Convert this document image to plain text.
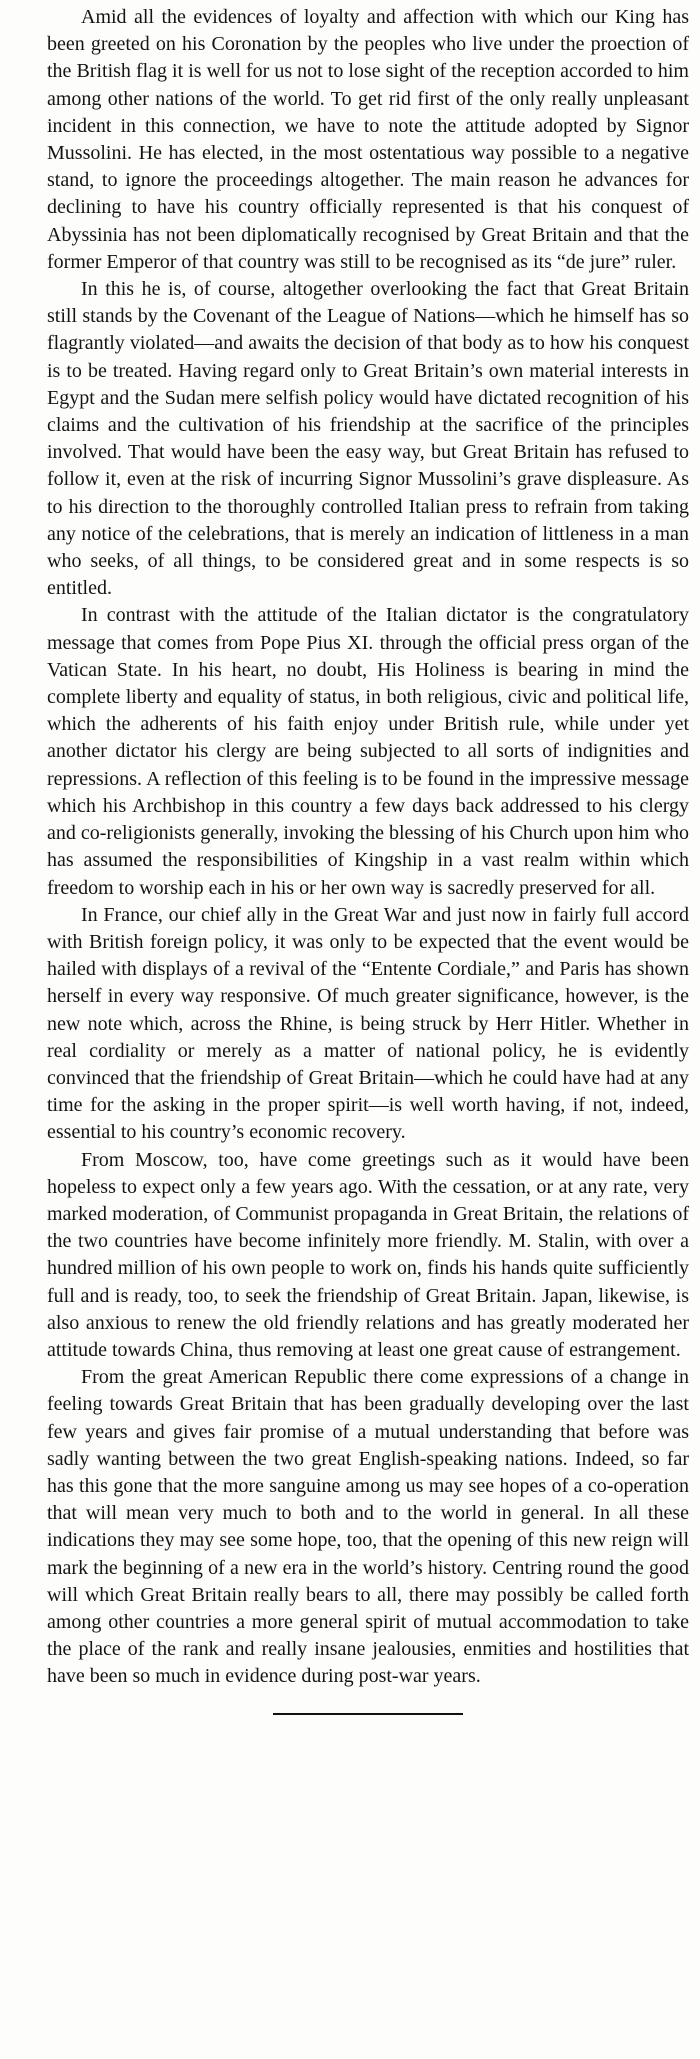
Amid all the evidences of loyalty and affection with which our King has been greeted on his Coronation by the peoples who live under the proection of the British flag it is well for us not to lose sight of the reception accorded to him among other nations of the world. To get rid first of the only really unpleasant incident in this connection, we have to note the attitude adopted by Signor Mussolini. He has elected, in the most ostentatious way possible to a negative stand, to ignore the proceedings altogether. The main reason he advances for declining to have his country officially represented is that his conquest of Abyssinia has not been diplomatically recognised by Great Britain and that the former Emperor of that country was still to be recognised as its “de jure” ruler.

In this he is, of course, altogether overlooking the fact that Great Britain still stands by the Covenant of the League of Nations—which he himself has so flagrantly violated—and awaits the decision of that body as to how his conquest is to be treated. Having regard only to Great Britain’s own material interests in Egypt and the Sudan mere selfish policy would have dictated recognition of his claims and the cultivation of his friendship at the sacrifice of the principles involved. That would have been the easy way, but Great Britain has refused to follow it, even at the risk of incurring Signor Mussolini’s grave displeasure. As to his direction to the thoroughly controlled Italian press to refrain from taking any notice of the celebrations, that is merely an indication of littleness in a man who seeks, of all things, to be considered great and in some respects is so entitled.

In contrast with the attitude of the Italian dictator is the congratulatory message that comes from Pope Pius XI. through the official press organ of the Vatican State. In his heart, no doubt, His Holiness is bearing in mind the complete liberty and equality of status, in both religious, civic and political life, which the adherents of his faith enjoy under British rule, while under yet another dictator his clergy are being subjected to all sorts of indignities and repressions. A reflection of this feeling is to be found in the impressive message which his Archbishop in this country a few days back addressed to his clergy and co-religionists generally, invoking the blessing of his Church upon him who has assumed the responsibilities of Kingship in a vast realm within which freedom to worship each in his or her own way is sacredly preserved for all.

In France, our chief ally in the Great War and just now in fairly full accord with British foreign policy, it was only to be expected that the event would be hailed with displays of a revival of the “Entente Cordiale,” and Paris has shown herself in every way responsive. Of much greater significance, however, is the new note which, across the Rhine, is being struck by Herr Hitler. Whether in real cordiality or merely as a matter of national policy, he is evidently convinced that the friendship of Great Britain—which he could have had at any time for the asking in the proper spirit—is well worth having, if not, indeed, essential to his country’s economic recovery.

From Moscow, too, have come greetings such as it would have been hopeless to expect only a few years ago. With the cessation, or at any rate, very marked moderation, of Communist propaganda in Great Britain, the relations of the two countries have become infinitely more friendly. M. Stalin, with over a hundred million of his own people to work on, finds his hands quite sufficiently full and is ready, too, to seek the friendship of Great Britain. Japan, likewise, is also anxious to renew the old friendly relations and has greatly moderated her attitude towards China, thus removing at least one great cause of estrangement.

From the great American Republic there come expressions of a change in feeling towards Great Britain that has been gradually developing over the last few years and gives fair promise of a mutual understanding that before was sadly wanting between the two great English-speaking nations. Indeed, so far has this gone that the more sanguine among us may see hopes of a co-operation that will mean very much to both and to the world in general. In all these indications they may see some hope, too, that the opening of this new reign will mark the beginning of a new era in the world’s history. Centring round the good will which Great Britain really bears to all, there may possibly be called forth among other countries a more general spirit of mutual accommodation to take the place of the rank and really insane jealousies, enmities and hostilities that have been so much in evidence during post-war years.
